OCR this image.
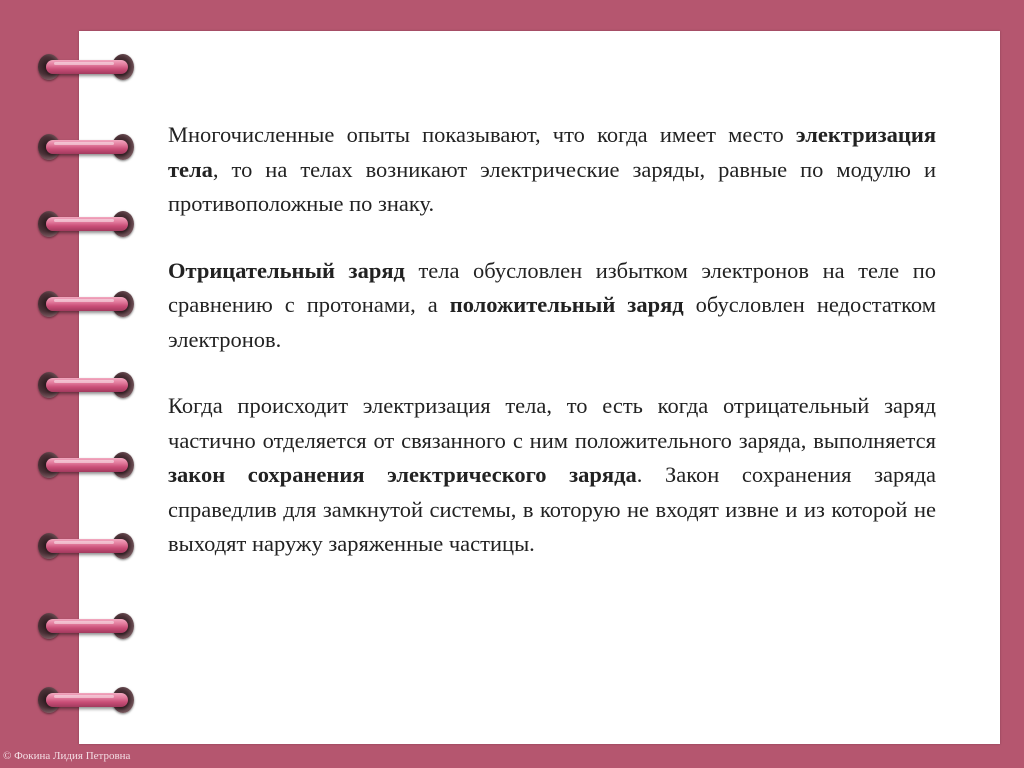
Многочисленные опыты показывают, что когда имеет место электризация тела, то на телах возникают электрические заряды, равные по модулю и противоположные по знаку.

Отрицательный заряд тела обусловлен избытком электронов на теле по сравнению с протонами, а положительный заряд обусловлен недостатком электронов.

Когда происходит электризация тела, то есть когда отрицательный заряд частично отделяется от связанного с ним положительного заряда, выполняется закон сохранения электрического заряда. Закон сохранения заряда справедлив для замкнутой системы, в которую не входят извне и из которой не выходят наружу заряженные частицы.

© Фокина Лидия Петровна
